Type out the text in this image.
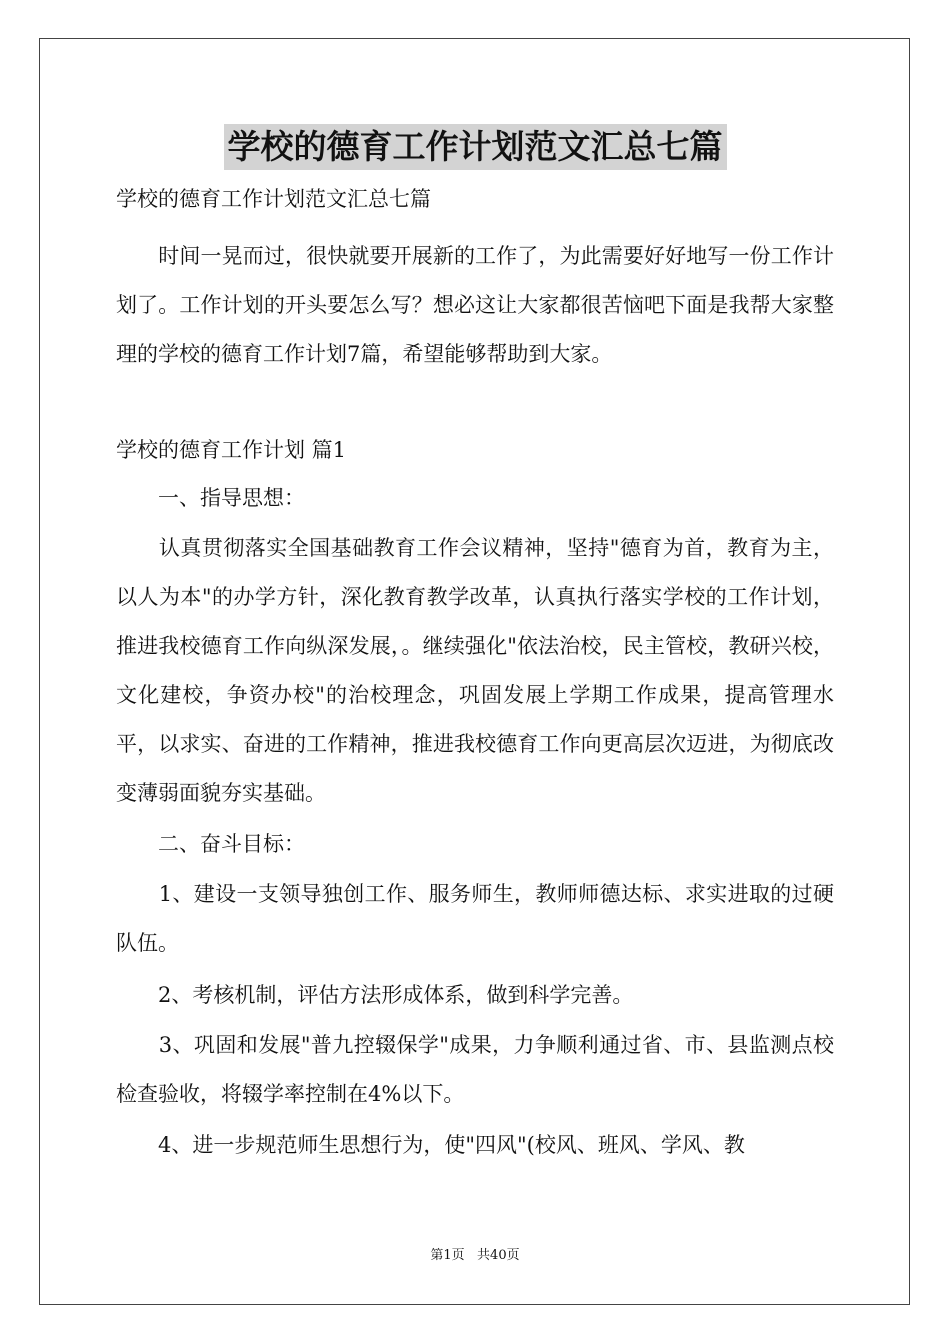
学校的德育工作计划范文汇总七篇
学校的德育工作计划范文汇总七篇
　　时间一晃而过，很快就要开展新的工作了，为此需要好好地写一份工作计划了。工作计划的开头要怎么写？想必这让大家都很苦恼吧下面是我帮大家整理的学校的德育工作计划7篇，希望能够帮助到大家。
学校的德育工作计划 篇1
　　一、指导思想：
　　认真贯彻落实全国基础教育工作会议精神，坚持"德育为首，教育为主，以人为本"的办学方针，深化教育教学改革，认真执行落实学校的工作计划，推进我校德育工作向纵深发展，。继续强化"依法治校，民主管校，教研兴校，文化建校，争资办校"的治校理念，巩固发展上学期工作成果，提高管理水平，以求实、奋进的工作精神，推进我校德育工作向更高层次迈进，为彻底改变薄弱面貌夯实基础。
　　二、奋斗目标：
　　1、建设一支领导独创工作、服务师生，教师师德达标、求实进取的过硬队伍。
　　2、考核机制，评估方法形成体系，做到科学完善。
　　3、巩固和发展"普九控辍保学"成果，力争顺利通过省、市、县监测点校检查验收，将辍学率控制在4%以下。
　　4、进一步规范师生思想行为，使"四风"(校风、班风、学风、教
第1页   共40页
